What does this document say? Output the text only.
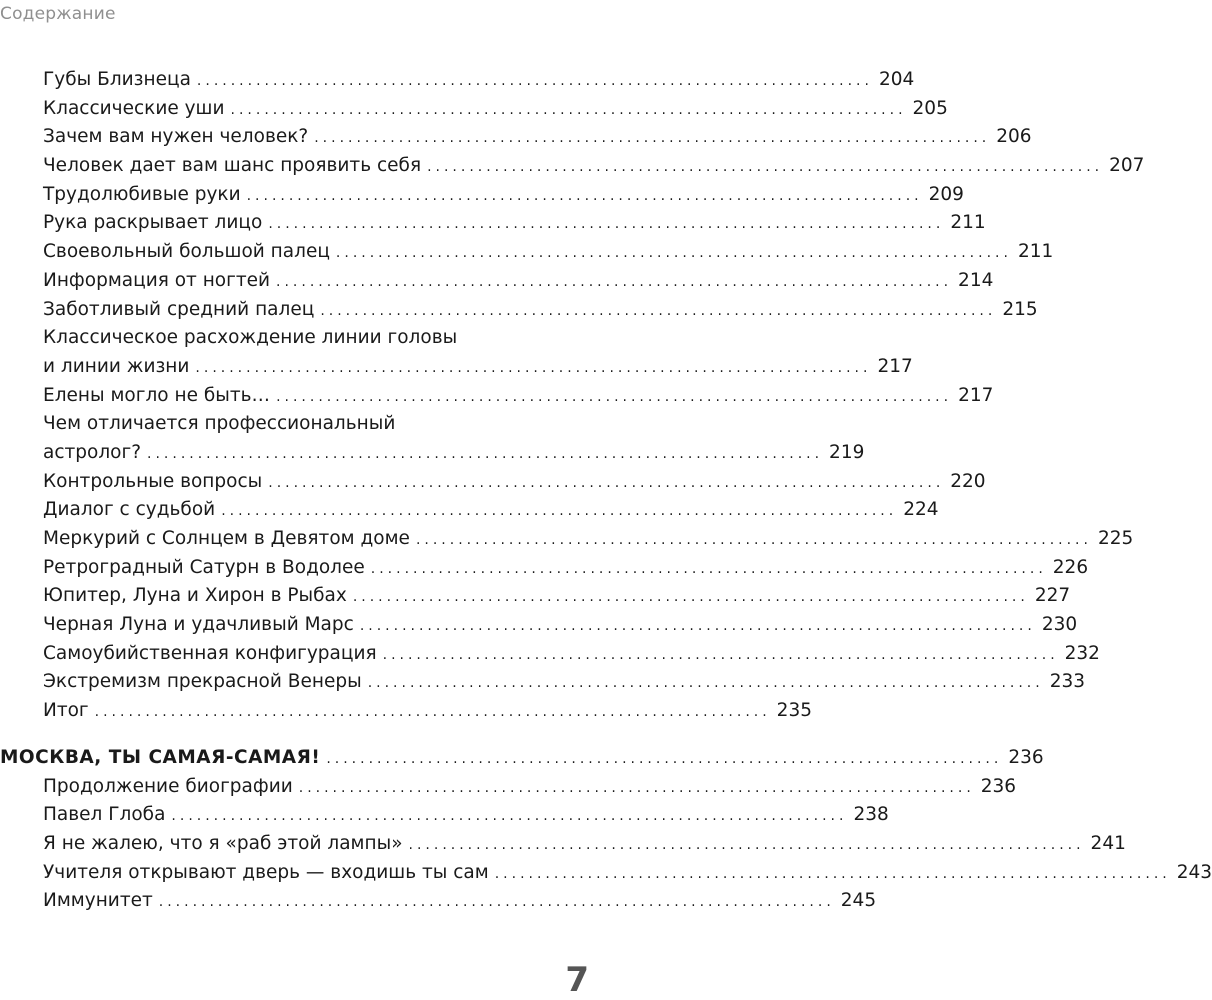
Содержание
Губы Близнеца ................................................................................ 204
Классические уши ................................................................................ 205
Зачем вам нужен человек? ................................................................................ 206
Человек дает вам шанс проявить себя ................................................................................ 207
Трудолюбивые руки ................................................................................ 209
Рука раскрывает лицо ................................................................................ 211
Своевольный большой палец ................................................................................ 211
Информация от ногтей ................................................................................ 214
Заботливый средний палец ................................................................................ 215
Классическое расхождение линии головы
и линии жизни ................................................................................ 217
Елены могло не быть… ................................................................................ 217
Чем отличается профессиональный
астролог? ................................................................................ 219
Контрольные вопросы ................................................................................ 220
Диалог с судьбой ................................................................................ 224
Меркурий с Солнцем в Девятом доме ................................................................................ 225
Ретроградный Сатурн в Водолее ................................................................................ 226
Юпитер, Луна и Хирон в Рыбах ................................................................................ 227
Черная Луна и удачливый Марс ................................................................................ 230
Самоубийственная конфигурация ................................................................................ 232
Экстремизм прекрасной Венеры ................................................................................ 233
Итог ................................................................................ 235
МОСКВА, ТЫ САМАЯ-САМАЯ! ................................................................................ 236
Продолжение биографии ................................................................................ 236
Павел Глоба ................................................................................ 238
Я не жалею, что я «раб этой лампы» ................................................................................ 241
Учителя открывают дверь — входишь ты сам ................................................................................ 243
Иммунитет ................................................................................ 245
7
